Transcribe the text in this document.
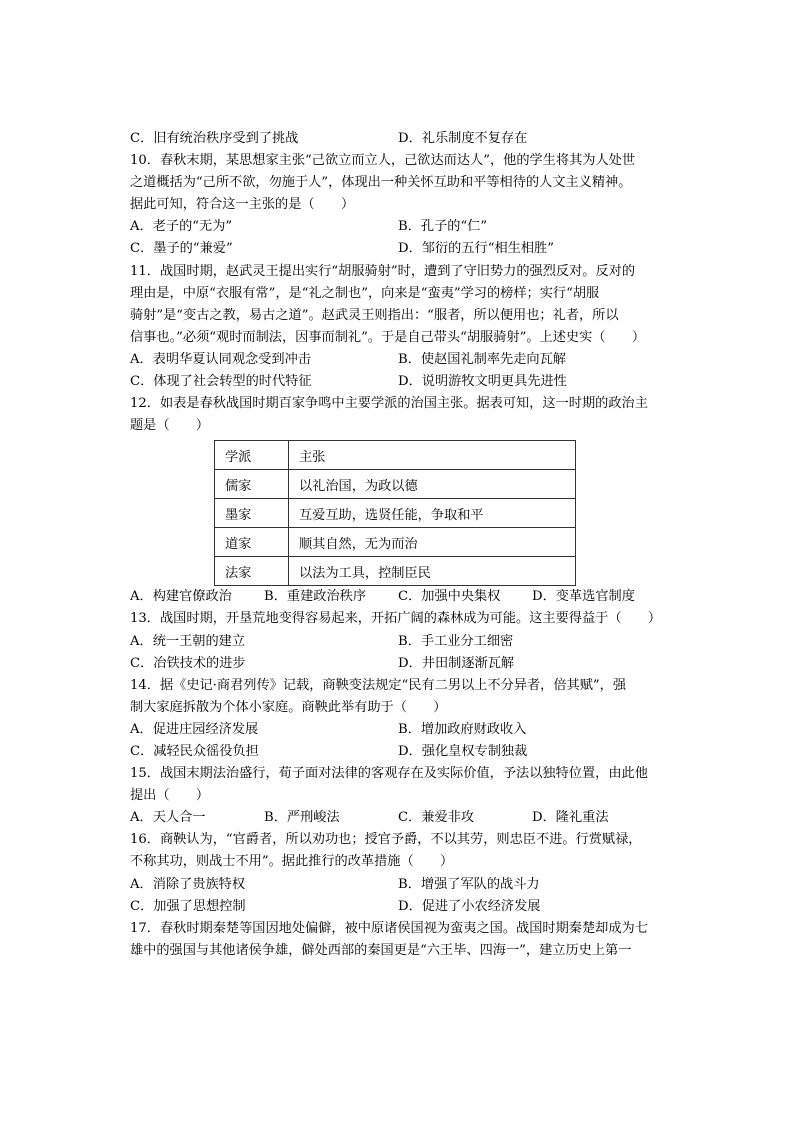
C．旧有统治秩序受到了挑战	D．礼乐制度不复存在
10．春秋末期，某思想家主张“己欲立而立人，己欲达而达人”，他的学生将其为人处世
之道概括为“己所不欲，勿施于人”，体现出一种关怀互助和平等相待的人文主义精神。
据此可知，符合这一主张的是（　　）
A．老子的“无为”	B．孔子的“仁”
C．墨子的“兼爱”	D．邹衍的五行“相生相胜”
11．战国时期，赵武灵王提出实行“胡服骑射”时，遭到了守旧势力的强烈反对。反对的
理由是，中原“衣服有常”，是“礼之制也”，向来是“蛮夷”学习的榜样；实行“胡服
骑射”是“变古之教，易古之道”。赵武灵王则指出：“服者，所以便用也；礼者，所以
信事也。”必须“观时而制法，因事而制礼”。于是自己带头“胡服骑射”。上述史实（　　）
A．表明华夏认同观念受到冲击	B．使赵国礼制率先走向瓦解
C．体现了社会转型的时代特征	D．说明游牧文明更具先进性
12．如表是春秋战国时期百家争鸣中主要学派的治国主张。据表可知，这一时期的政治主
题是（　　）
学派	主张
儒家	以礼治国，为政以德
墨家	互爱互助，选贤任能，争取和平
道家	顺其自然，无为而治
法家	以法为工具，控制臣民
A．构建官僚政治	B．重建政治秩序	C．加强中央集权	D．变革选官制度
13．战国时期，开垦荒地变得容易起来，开拓广阔的森林成为可能。这主要得益于（　　）
A．统一王朝的建立	B．手工业分工细密
C．冶铁技术的进步	D．井田制逐渐瓦解
14．据《史记·商君列传》记载，商鞅变法规定“民有二男以上不分异者，倍其赋”，强
制大家庭拆散为个体小家庭。商鞅此举有助于（　　）
A．促进庄园经济发展	B．增加政府财政收入
C．减轻民众徭役负担	D．强化皇权专制独裁
15．战国末期法治盛行，荀子面对法律的客观存在及实际价值，予法以独特位置，由此他
提出（　　）
A．天人合一	B．严刑峻法	C．兼爱非攻	D．隆礼重法
16．商鞅认为，“官爵者，所以劝功也；授官予爵，不以其劳，则忠臣不进。行赏赋禄，
不称其功，则战士不用”。据此推行的改革措施（　　）
A．消除了贵族特权	B．增强了军队的战斗力
C．加强了思想控制	D．促进了小农经济发展
17．春秋时期秦楚等国因地处偏僻，被中原诸侯国视为蛮夷之国。战国时期秦楚却成为七
雄中的强国与其他诸侯争雄，僻处西部的秦国更是“六王毕、四海一”，建立历史上第一
